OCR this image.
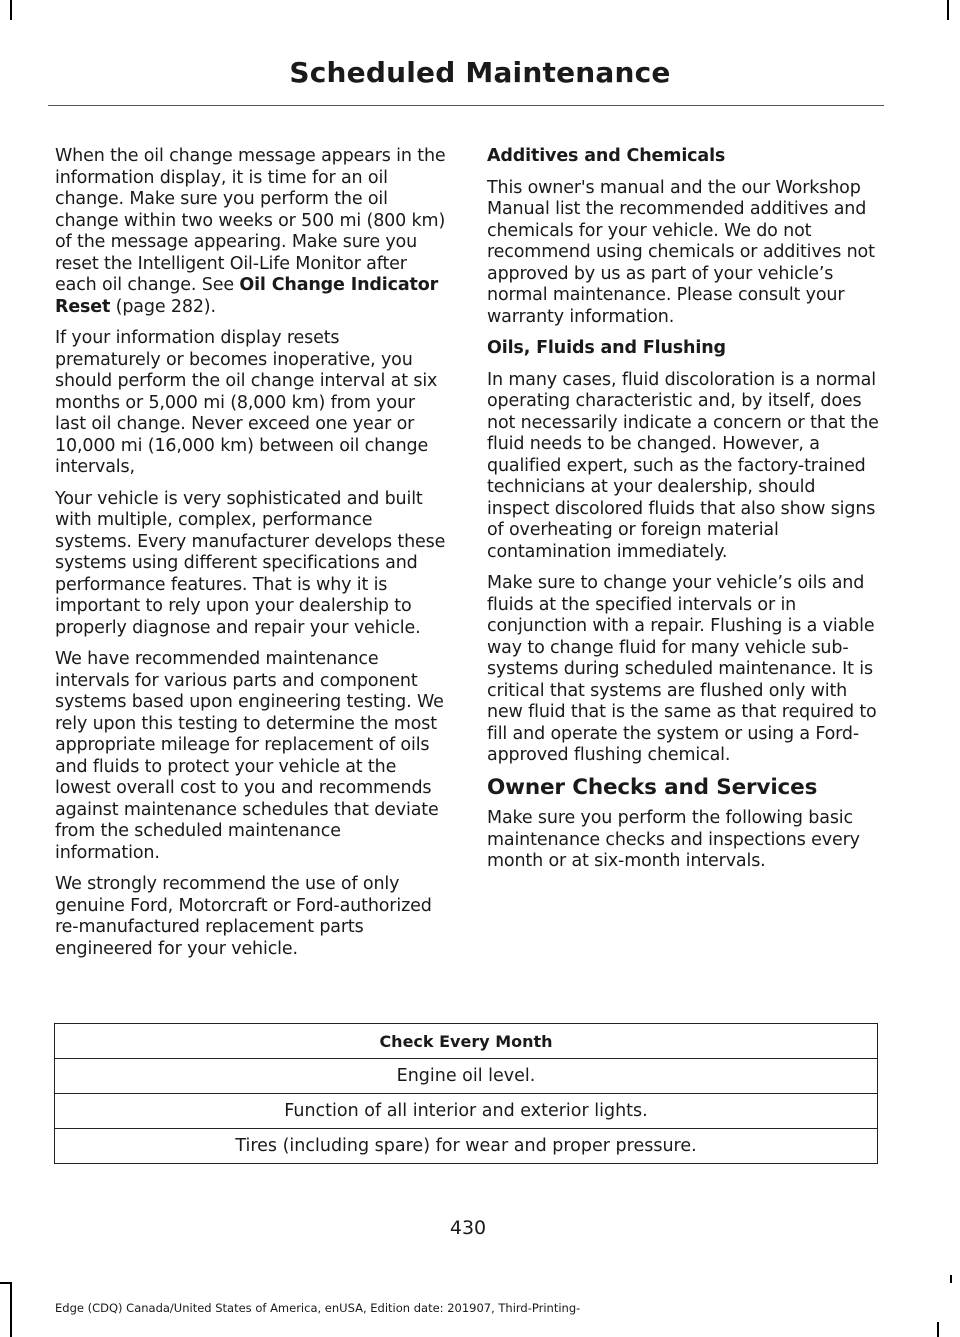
Scheduled Maintenance

When the oil change message appears in the information display, it is time for an oil change. Make sure you perform the oil change within two weeks or 500 mi (800 km) of the message appearing. Make sure you reset the Intelligent Oil-Life Monitor after each oil change. See Oil Change Indicator Reset (page 282).

If your information display resets prematurely or becomes inoperative, you should perform the oil change interval at six months or 5,000 mi (8,000 km) from your last oil change. Never exceed one year or 10,000 mi (16,000 km) between oil change intervals,

Your vehicle is very sophisticated and built with multiple, complex, performance systems. Every manufacturer develops these systems using different specifications and performance features. That is why it is important to rely upon your dealership to properly diagnose and repair your vehicle.

We have recommended maintenance intervals for various parts and component systems based upon engineering testing. We rely upon this testing to determine the most appropriate mileage for replacement of oils and fluids to protect your vehicle at the lowest overall cost to you and recommends against maintenance schedules that deviate from the scheduled maintenance information.

We strongly recommend the use of only genuine Ford, Motorcraft or Ford-authorized re-manufactured replacement parts engineered for your vehicle.

Additives and Chemicals

This owner's manual and the our Workshop Manual list the recommended additives and chemicals for your vehicle. We do not recommend using chemicals or additives not approved by us as part of your vehicle’s normal maintenance. Please consult your warranty information.

Oils, Fluids and Flushing

In many cases, fluid discoloration is a normal operating characteristic and, by itself, does not necessarily indicate a concern or that the fluid needs to be changed. However, a qualified expert, such as the factory-trained technicians at your dealership, should inspect discolored fluids that also show signs of overheating or foreign material contamination immediately.

Make sure to change your vehicle’s oils and fluids at the specified intervals or in conjunction with a repair. Flushing is a viable way to change fluid for many vehicle sub-systems during scheduled maintenance. It is critical that systems are flushed only with new fluid that is the same as that required to fill and operate the system or using a Ford-approved flushing chemical.

Owner Checks and Services

Make sure you perform the following basic maintenance checks and inspections every month or at six-month intervals.

Check Every Month
Engine oil level.
Function of all interior and exterior lights.
Tires (including spare) for wear and proper pressure.
430
Edge (CDQ) Canada/United States of America, enUSA, Edition date: 201907, Third-Printing-
